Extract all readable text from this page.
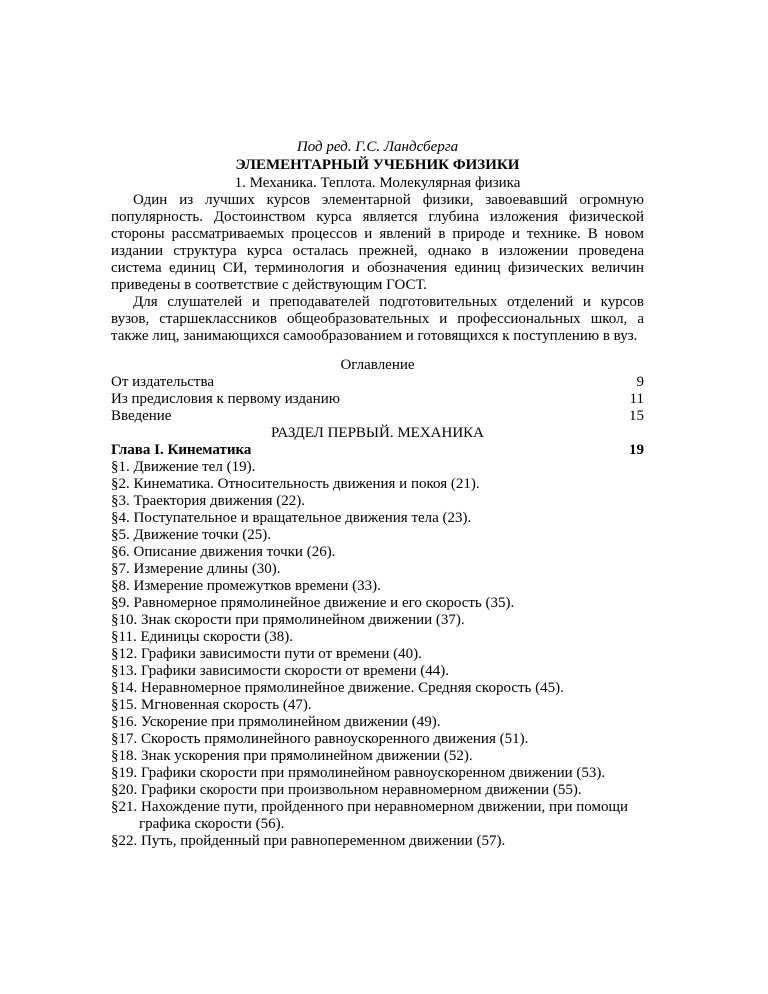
Под ред. Г.С. Ландсберга
ЭЛЕМЕНТАРНЫЙ УЧЕБНИК ФИЗИКИ
1. Механика. Теплота. Молекулярная физика

Один из лучших курсов элементарной физики, завоевавший огромную популярность. Достоинством курса является глубина изложения физической стороны рассматриваемых процессов и явлений в природе и технике. В новом издании структура курса осталась прежней, однако в изложении проведена система единиц СИ, терминология и обозначения единиц физических величин приведены в соответствие с действующим ГОСТ.

Для слушателей и преподавателей подготовительных отделений и курсов вузов, старшеклассников общеобразовательных и профессиональных школ, а также лиц, занимающихся самообразованием и готовящихся к поступлению в вуз.

Оглавление
От издательства	9
Из предисловия к первому изданию	11
Введение	15
РАЗДЕЛ ПЕРВЫЙ. МЕХАНИКА
Глава I. Кинематика	19
§1. Движение тел (19).
§2. Кинематика. Относительность движения и покоя (21).
§3. Траектория движения (22).
§4. Поступательное и вращательное движения тела (23).
§5. Движение точки (25).
§6. Описание движения точки (26).
§7. Измерение длины (30).
§8. Измерение промежутков времени (33).
§9. Равномерное прямолинейное движение и его скорость (35).
§10. Знак скорости при прямолинейном движении (37).
§11. Единицы скорости (38).
§12. Графики зависимости пути от времени (40).
§13. Графики зависимости скорости от времени (44).
§14. Неравномерное прямолинейное движение. Средняя скорость (45).
§15. Мгновенная скорость (47).
§16. Ускорение при прямолинейном движении (49).
§17. Скорость прямолинейного равноускоренного движения (51).
§18. Знак ускорения при прямолинейном движении (52).
§19. Графики скорости при прямолинейном равноускоренном движении (53).
§20. Графики скорости при произвольном неравномерном движении (55).
§21. Нахождение пути, пройденного при неравномерном движении, при помощи графика скорости (56).
§22. Путь, пройденный при равнопеременном движении (57).
